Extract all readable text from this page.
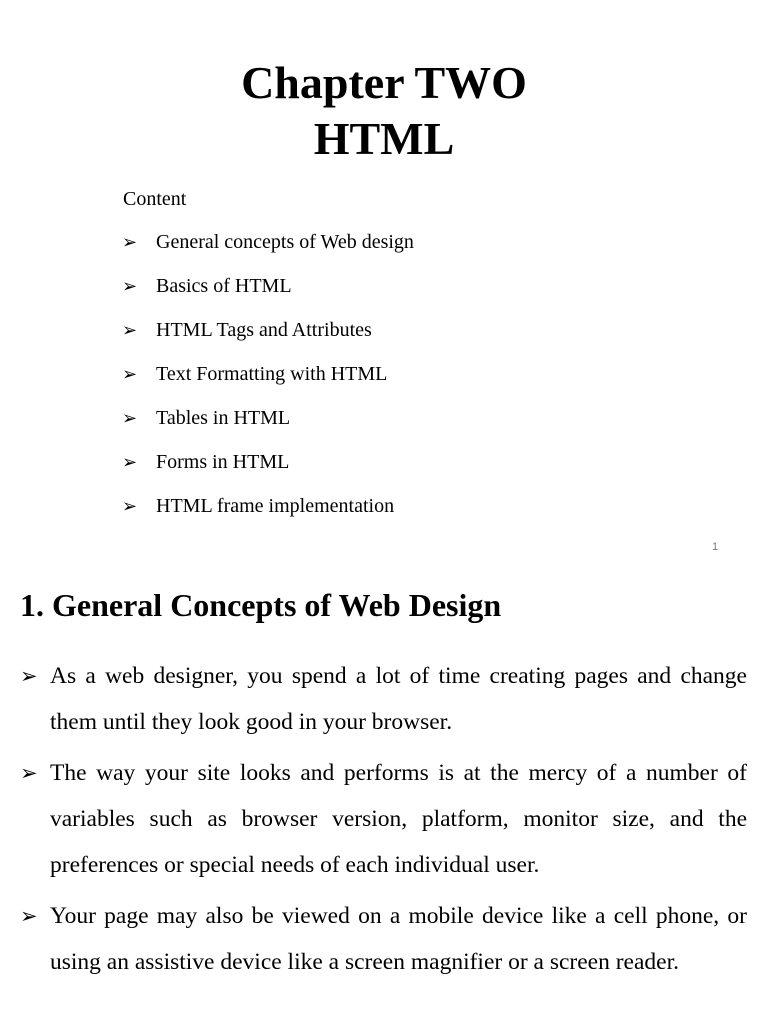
Chapter TWO
HTML
Content
➢ General concepts of Web design
➢ Basics of HTML
➢ HTML Tags and Attributes
➢ Text Formatting with HTML
➢ Tables in HTML
➢ Forms in HTML
➢ HTML frame implementation
1
1. General Concepts of Web Design
➢ As a web designer, you spend a lot of time creating pages and change them until they look good in your browser.
➢ The way your site looks and performs is at the mercy of a number of variables such as browser version, platform, monitor size, and the preferences or special needs of each individual user.
➢ Your page may also be viewed on a mobile device like a cell phone, or using an assistive device like a screen magnifier or a screen reader.
